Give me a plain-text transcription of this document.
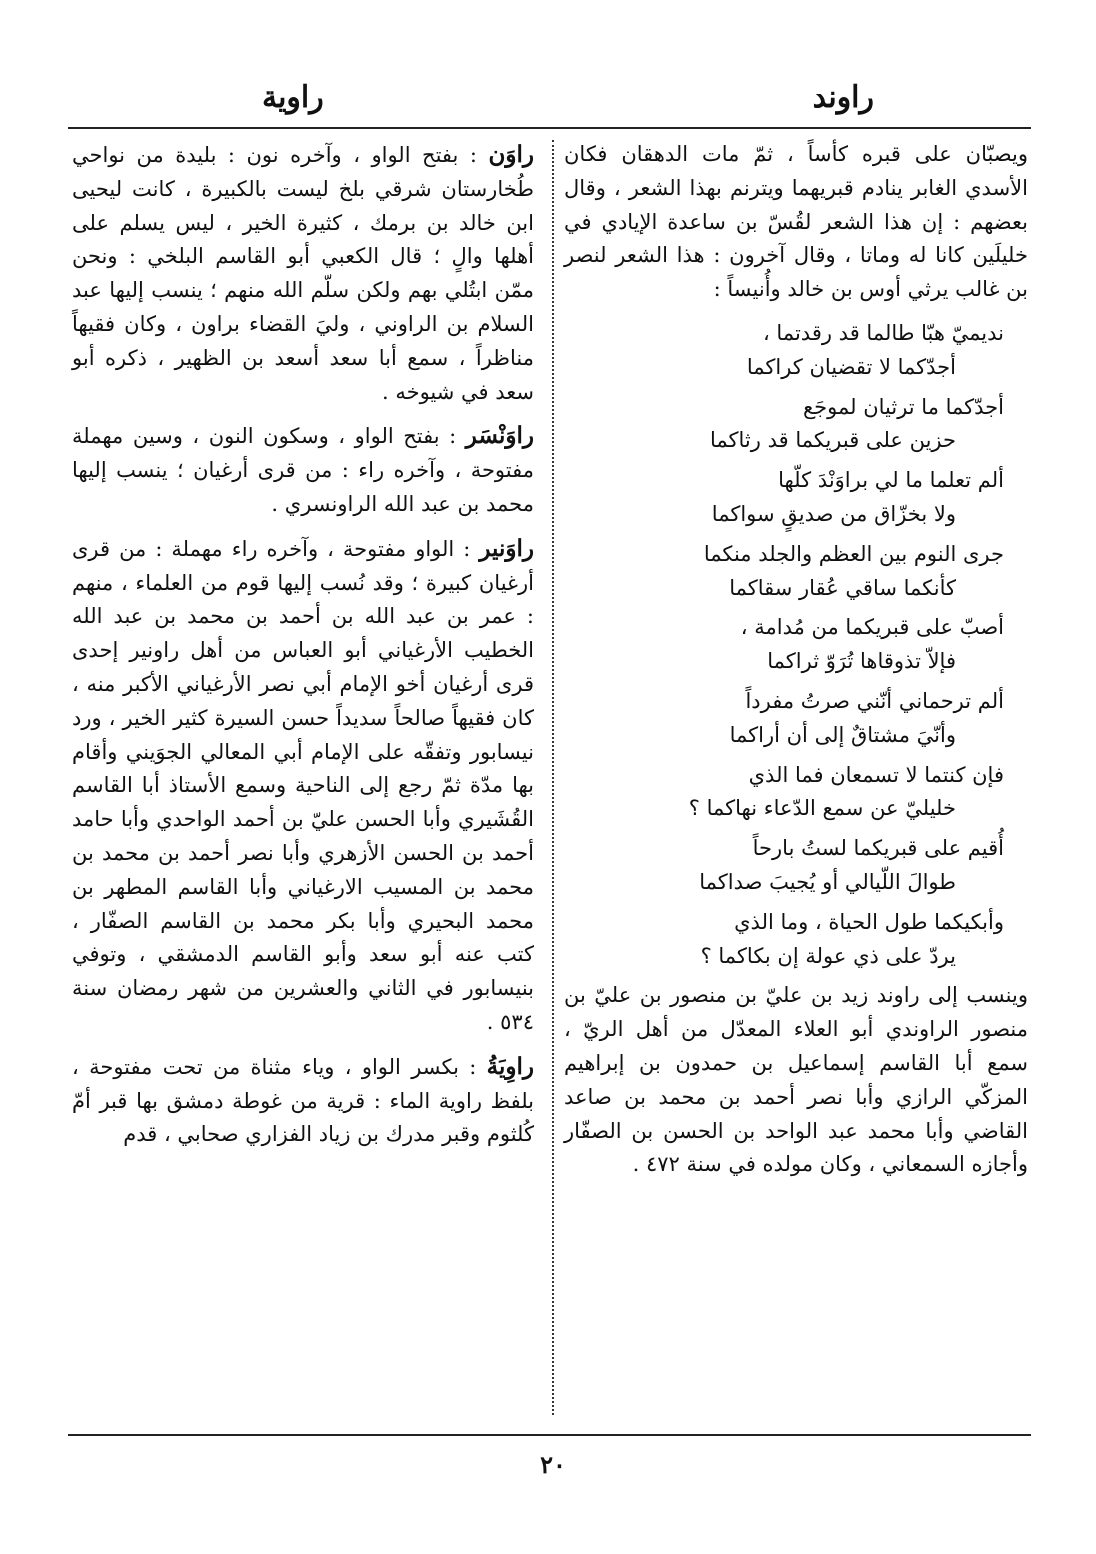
راوند
راوية

ويصبّان على قبره كأساً ، ثمّ مات الدهقان فكان الأسدي الغابر ينادم قبريهما ويترنم بهذا الشعر ، وقال بعضهم : إن هذا الشعر لقُسّ بن ساعدة الإيادي في خليلَين كانا له وماتا ، وقال آخرون : هذا الشعر لنصر بن غالب يرثي أوس بن خالد وأُنيساً :

نديميّ هبّا طالما قد رقدتما ،
أجدّكما لا تقضيان كراكما
أجدّكما ما ترثيان لموجَع
حزين على قبريكما قد رثاكما
ألم تعلما ما لي براوَنْدَ كلّها
ولا بخزّاق من صديقٍ سواكما
جرى النوم بين العظم والجلد منكما
كأنكما ساقي عُقار سقاكما
أصبّ على قبريكما من مُدامة ،
فإلاّ تذوقاها تُرَوّ ثراكما
ألم ترحماني أنّني صرتُ مفرداً
وأنّيَ مشتاقٌ إلى أن أراكما
فإن كنتما لا تسمعان فما الذي
خليليّ عن سمع الدّعاء نهاكما ؟
أُقيم على قبريكما لستُ بارحاً
طوالَ اللّيالي أو يُجيبَ صداكما
وأبكيكما طول الحياة ، وما الذي
يردّ على ذي عولة إن بكاكما ؟

وينسب إلى راوند زيد بن عليّ بن منصور بن عليّ بن منصور الراوندي أبو العلاء المعدّل من أهل الريّ ، سمع أبا القاسم إسماعيل بن حمدون بن إبراهيم المزكّي الرازي وأبا نصر أحمد بن محمد بن صاعد القاضي وأبا محمد عبد الواحد بن الحسن بن الصفّار وأجازه السمعاني ، وكان مولده في سنة ٤٧٢ .

راوَن : بفتح الواو ، وآخره نون : بليدة من نواحي طُخارستان شرقي بلخ ليست بالكبيرة ، كانت ليحيى ابن خالد بن برمك ، كثيرة الخير ، ليس يسلم على أهلها والٍ ؛ قال الكعبي أبو القاسم البلخي : ونحن ممّن ابتُلي بهم ولكن سلّم الله منهم ؛ ينسب إليها عبد السلام بن الراوني ، وليَ القضاء براون ، وكان فقيهاً مناظراً ، سمع أبا سعد أسعد بن الظهير ، ذكره أبو سعد في شيوخه .

راوَنْسَر : بفتح الواو ، وسكون النون ، وسين مهملة مفتوحة ، وآخره راء : من قرى أرغيان ؛ ينسب إليها محمد بن عبد الله الراونسري .

راوَنير : الواو مفتوحة ، وآخره راء مهملة : من قرى أرغيان كبيرة ؛ وقد نُسب إليها قوم من العلماء ، منهم : عمر بن عبد الله بن أحمد بن محمد بن عبد الله الخطيب الأرغياني أبو العباس من أهل راونير إحدى قرى أرغيان أخو الإمام أبي نصر الأرغياني الأكبر منه ، كان فقيهاً صالحاً سديداً حسن السيرة كثير الخير ، ورد نيسابور وتفقّه على الإمام أبي المعالي الجوَيني وأقام بها مدّة ثمّ رجع إلى الناحية وسمع الأستاذ أبا القاسم القُشَيري وأبا الحسن عليّ بن أحمد الواحدي وأبا حامد أحمد بن الحسن الأزهري وأبا نصر أحمد بن محمد بن محمد بن المسيب الارغياني وأبا القاسم المطهر بن محمد البحيري وأبا بكر محمد بن القاسم الصفّار ، كتب عنه أبو سعد وأبو القاسم الدمشقي ، وتوفي بنيسابور في الثاني والعشرين من شهر رمضان سنة ٥٣٤ .

راوِيَةُ : بكسر الواو ، وياء مثناة من تحت مفتوحة ، بلفظ راوية الماء : قرية من غوطة دمشق بها قبر أمّ كُلثوم وقبر مدرك بن زياد الفزاري صحابي ، قدم

٢٠
